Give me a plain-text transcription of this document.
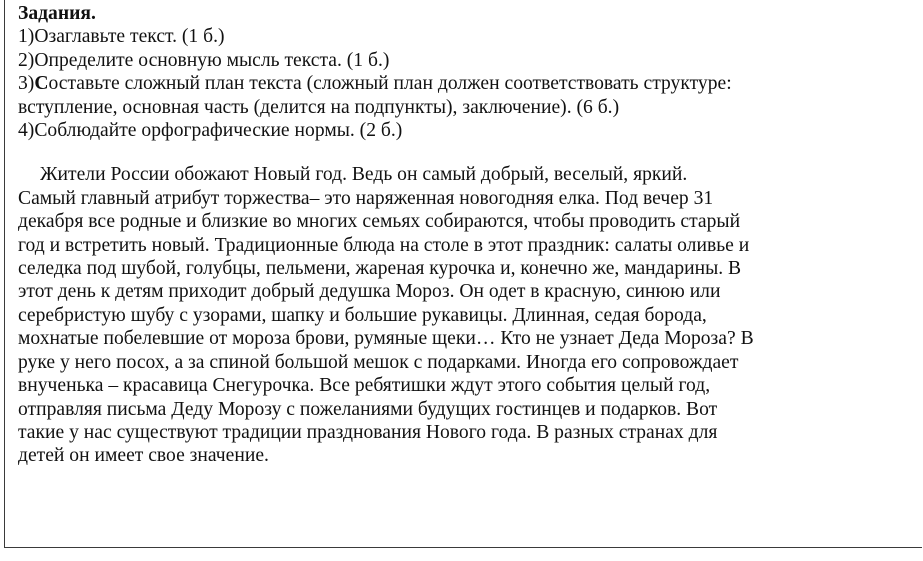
Задания.

1)Озаглавьте текст. (1 б.)

2)Определите основную мысль текста. (1 б.)

3)Составьте сложный план текста (сложный план должен соответствовать структуре:

вступление, основная часть (делится на подпункты), заключение). (6 б.)

4)Соблюдайте орфографические нормы. (2 б.)

Жители России обожают Новый год. Ведь он самый добрый, веселый, яркий.

Самый главный атрибут торжества– это наряженная новогодняя елка. Под вечер 31

декабря все родные и близкие во многих семьях собираются, чтобы проводить старый

год и встретить новый. Традиционные блюда на столе в этот праздник: салаты оливье и

селедка под шубой, голубцы, пельмени, жареная курочка и, конечно же, мандарины. В

этот день к детям приходит добрый дедушка Мороз. Он одет в красную, синюю или

серебристую шубу с узорами, шапку и большие рукавицы. Длинная, седая борода,

мохнатые побелевшие от мороза брови, румяные щеки… Кто не узнает Деда Мороза? В

руке у него посох, а за спиной большой мешок с подарками. Иногда его сопровождает

внученька – красавица Снегурочка. Все ребятишки ждут этого события целый год,

отправляя письма Деду Морозу с пожеланиями будущих гостинцев и подарков. Вот

такие у нас существуют традиции празднования Нового года. В разных странах для

детей он имеет свое значение.
